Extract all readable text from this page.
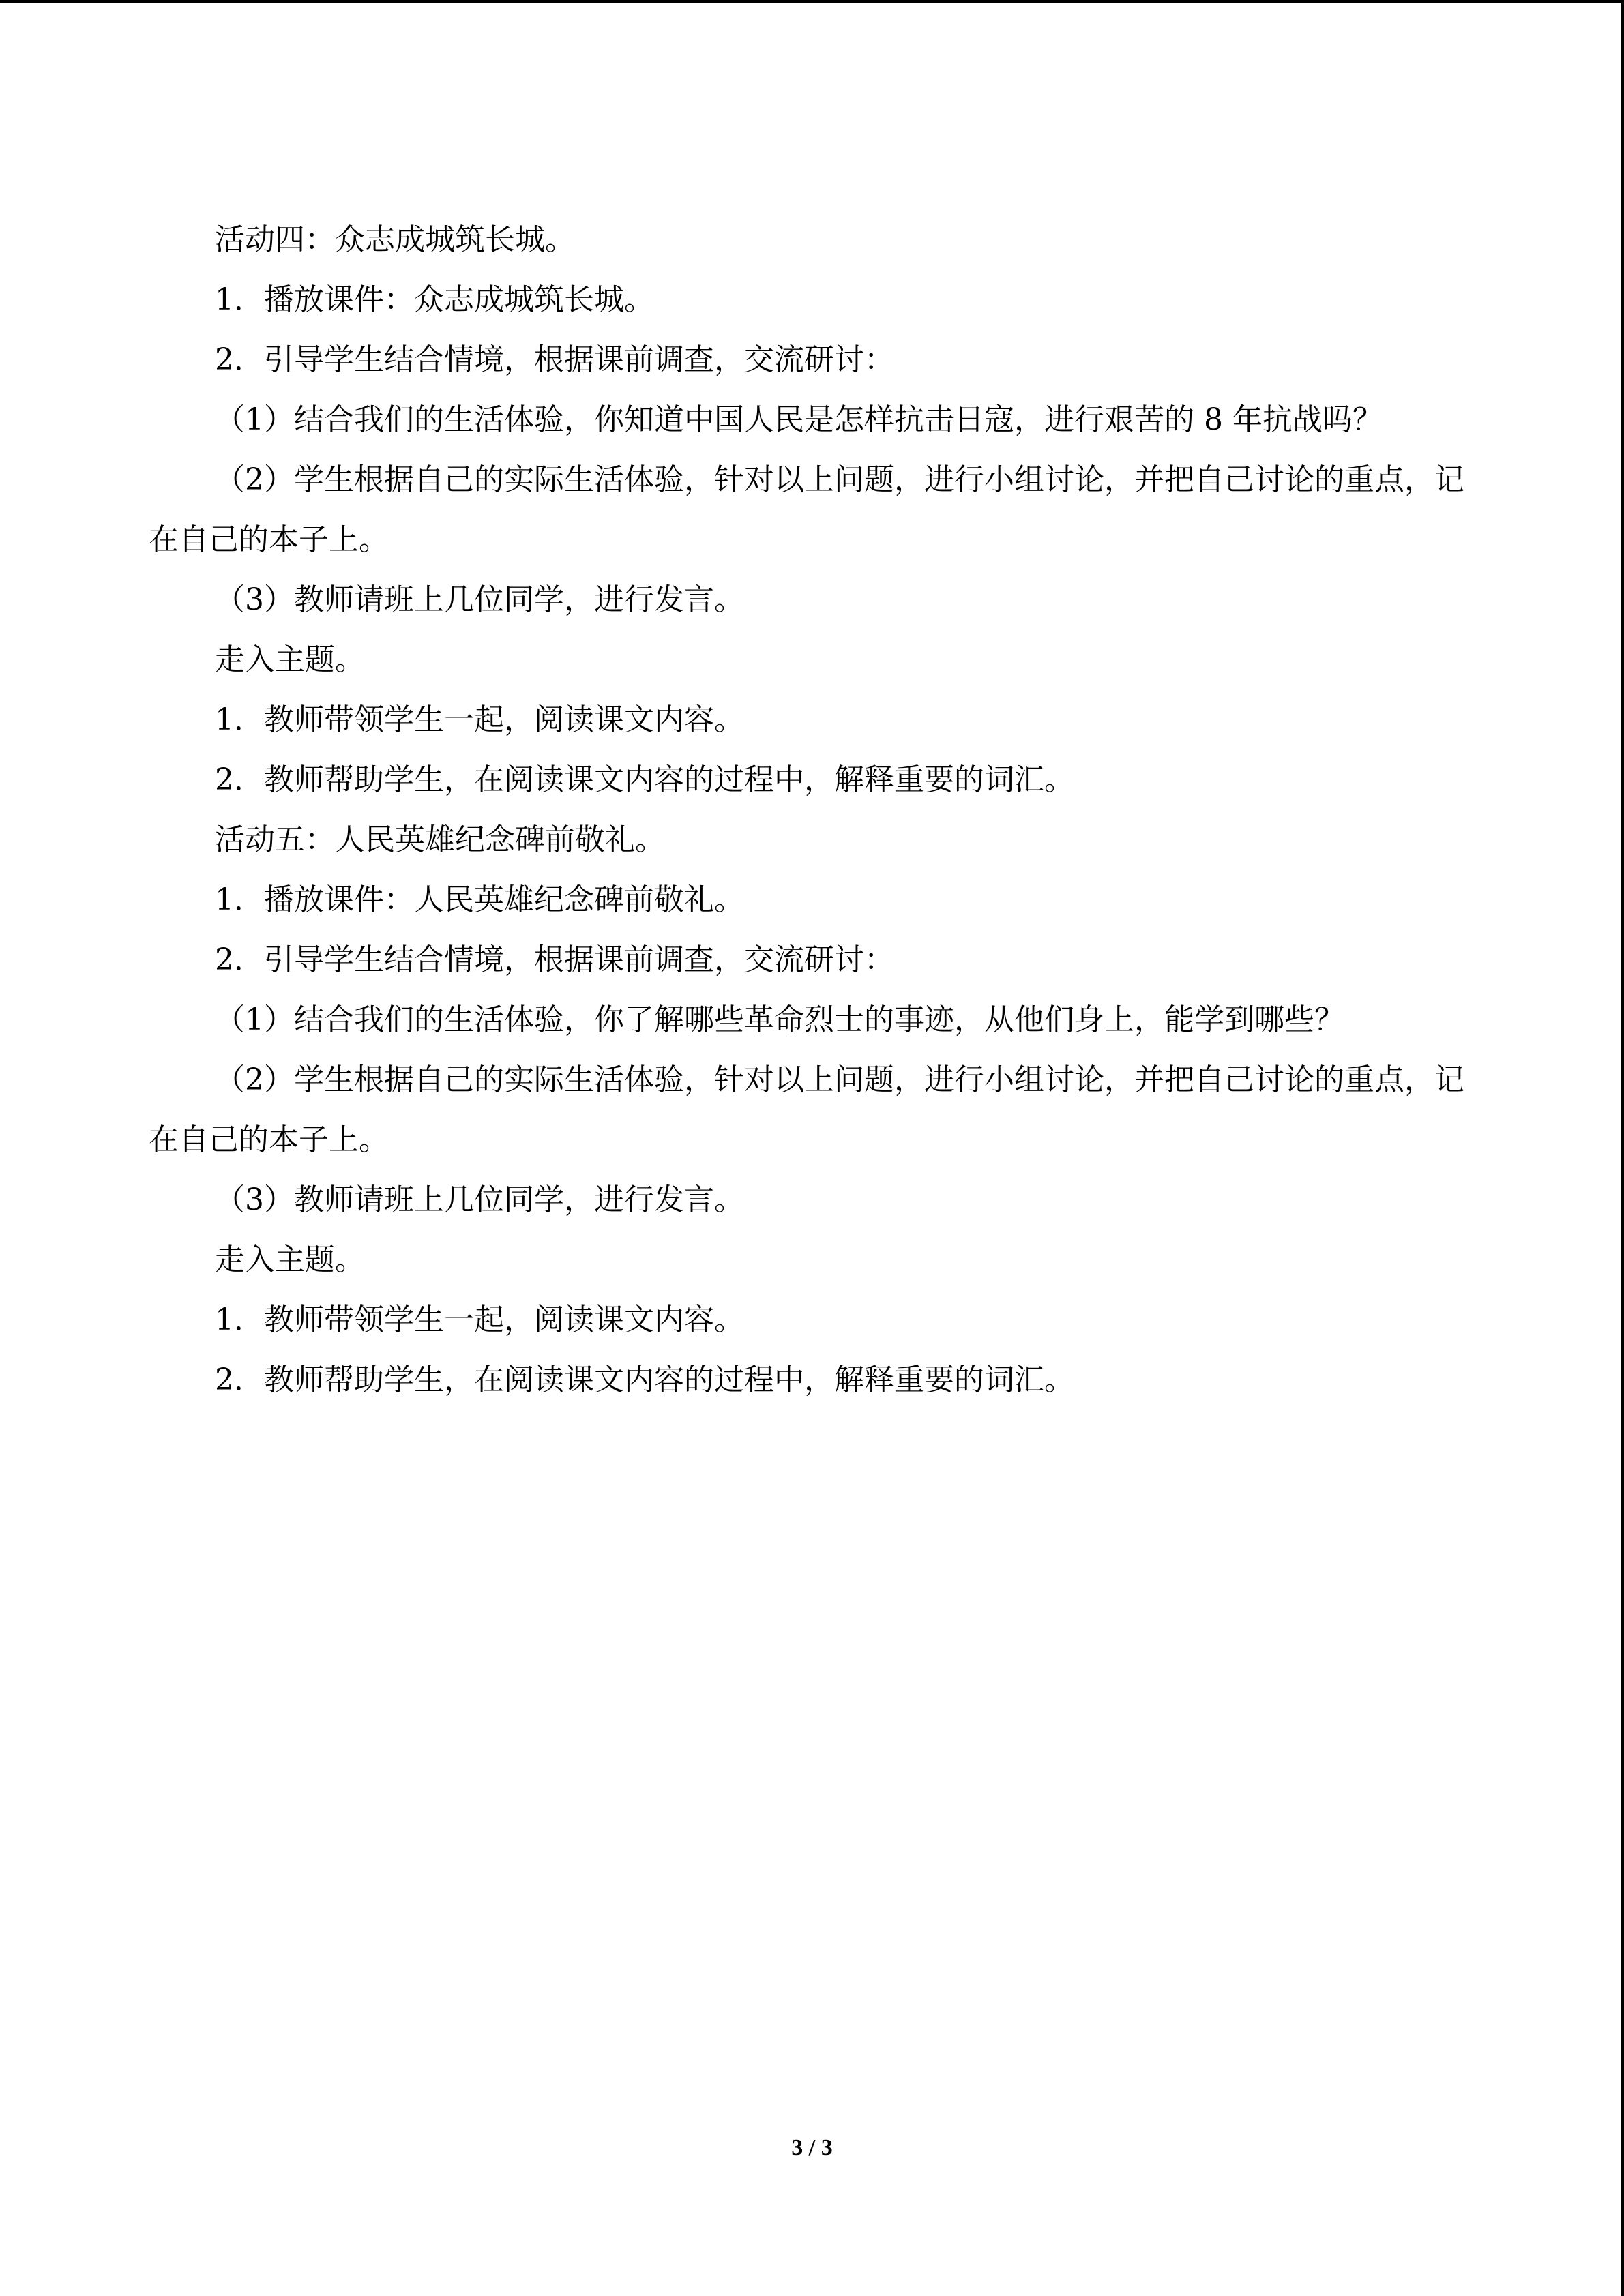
活动四：众志成城筑长城。

1．播放课件：众志成城筑长城。

2．引导学生结合情境，根据课前调查，交流研讨：

（1）结合我们的生活体验，你知道中国人民是怎样抗击日寇，进行艰苦的 8 年抗战吗？

（2）学生根据自己的实际生活体验，针对以上问题，进行小组讨论，并把自己讨论的重点，记在自己的本子上。

（3）教师请班上几位同学，进行发言。

走入主题。

1．教师带领学生一起，阅读课文内容。

2．教师帮助学生，在阅读课文内容的过程中，解释重要的词汇。

活动五：人民英雄纪念碑前敬礼。

1．播放课件：人民英雄纪念碑前敬礼。

2．引导学生结合情境，根据课前调查，交流研讨：

（1）结合我们的生活体验，你了解哪些革命烈士的事迹，从他们身上，能学到哪些？

（2）学生根据自己的实际生活体验，针对以上问题，进行小组讨论，并把自己讨论的重点，记在自己的本子上。

（3）教师请班上几位同学，进行发言。

走入主题。

1．教师带领学生一起，阅读课文内容。

2．教师帮助学生，在阅读课文内容的过程中，解释重要的词汇。

3 / 3
